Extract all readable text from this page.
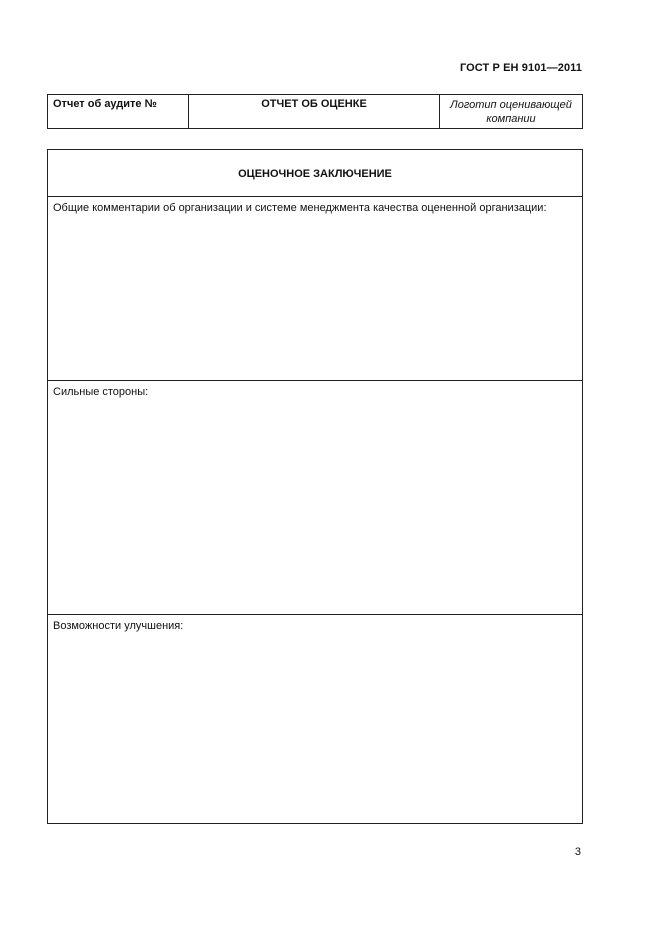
ГОСТ Р ЕН 9101—2011
Отчет об аудите №	ОТЧЕТ ОБ ОЦЕНКЕ	Логотип оценивающей
компании
ОЦЕНОЧНОЕ ЗАКЛЮЧЕНИЕ
Общие комментарии об организации и системе менеджмента качества оцененной организации:
Сильные стороны:
Возможности улучшения:
3
